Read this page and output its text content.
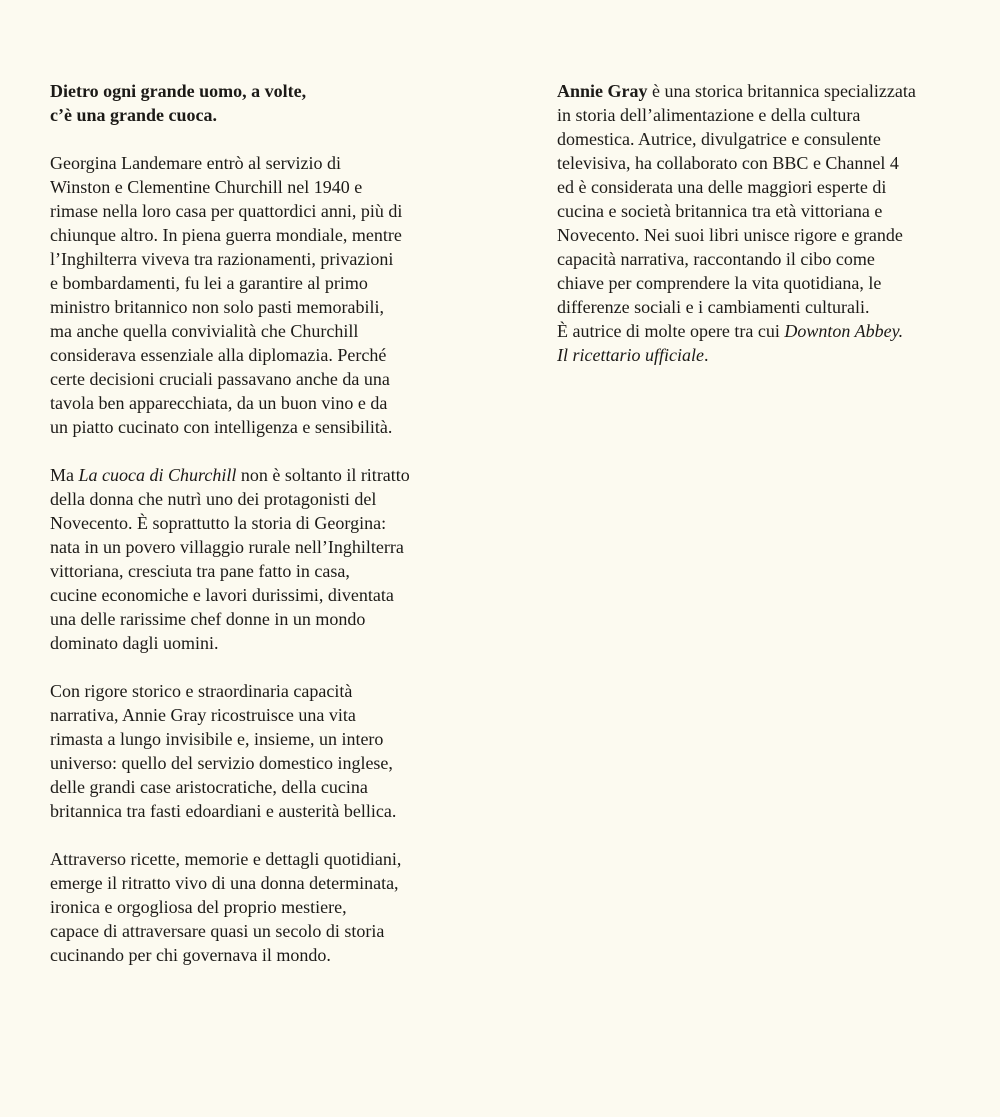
Dietro ogni grande uomo, a volte,
c’è una grande cuoca.
Georgina Landemare entrò al servizio di
Winston e Clementine Churchill nel 1940 e
rimase nella loro casa per quattordici anni, più di
chiunque altro. In piena guerra mondiale, mentre
l’Inghilterra viveva tra razionamenti, privazioni
e bombardamenti, fu lei a garantire al primo
ministro britannico non solo pasti memorabili,
ma anche quella convivialità che Churchill
considerava essenziale alla diplomazia. Perché
certe decisioni cruciali passavano anche da una
tavola ben apparecchiata, da un buon vino e da
un piatto cucinato con intelligenza e sensibilità.
Ma La cuoca di Churchill non è soltanto il ritratto
della donna che nutrì uno dei protagonisti del
Novecento. È soprattutto la storia di Georgina:
nata in un povero villaggio rurale nell’Inghilterra
vittoriana, cresciuta tra pane fatto in casa,
cucine economiche e lavori durissimi, diventata
una delle rarissime chef donne in un mondo
dominato dagli uomini.
Con rigore storico e straordinaria capacità
narrativa, Annie Gray ricostruisce una vita
rimasta a lungo invisibile e, insieme, un intero
universo: quello del servizio domestico inglese,
delle grandi case aristocratiche, della cucina
britannica tra fasti edoardiani e austerità bellica.
Attraverso ricette, memorie e dettagli quotidiani,
emerge il ritratto vivo di una donna determinata,
ironica e orgogliosa del proprio mestiere,
capace di attraversare quasi un secolo di storia
cucinando per chi governava il mondo.
Annie Gray è una storica britannica specializzata
in storia dell’alimentazione e della cultura
domestica. Autrice, divulgatrice e consulente
televisiva, ha collaborato con BBC e Channel 4
ed è considerata una delle maggiori esperte di
cucina e società britannica tra età vittoriana e
Novecento. Nei suoi libri unisce rigore e grande
capacità narrativa, raccontando il cibo come
chiave per comprendere la vita quotidiana, le
differenze sociali e i cambiamenti culturali.
È autrice di molte opere tra cui Downton Abbey.
Il ricettario ufficiale.
